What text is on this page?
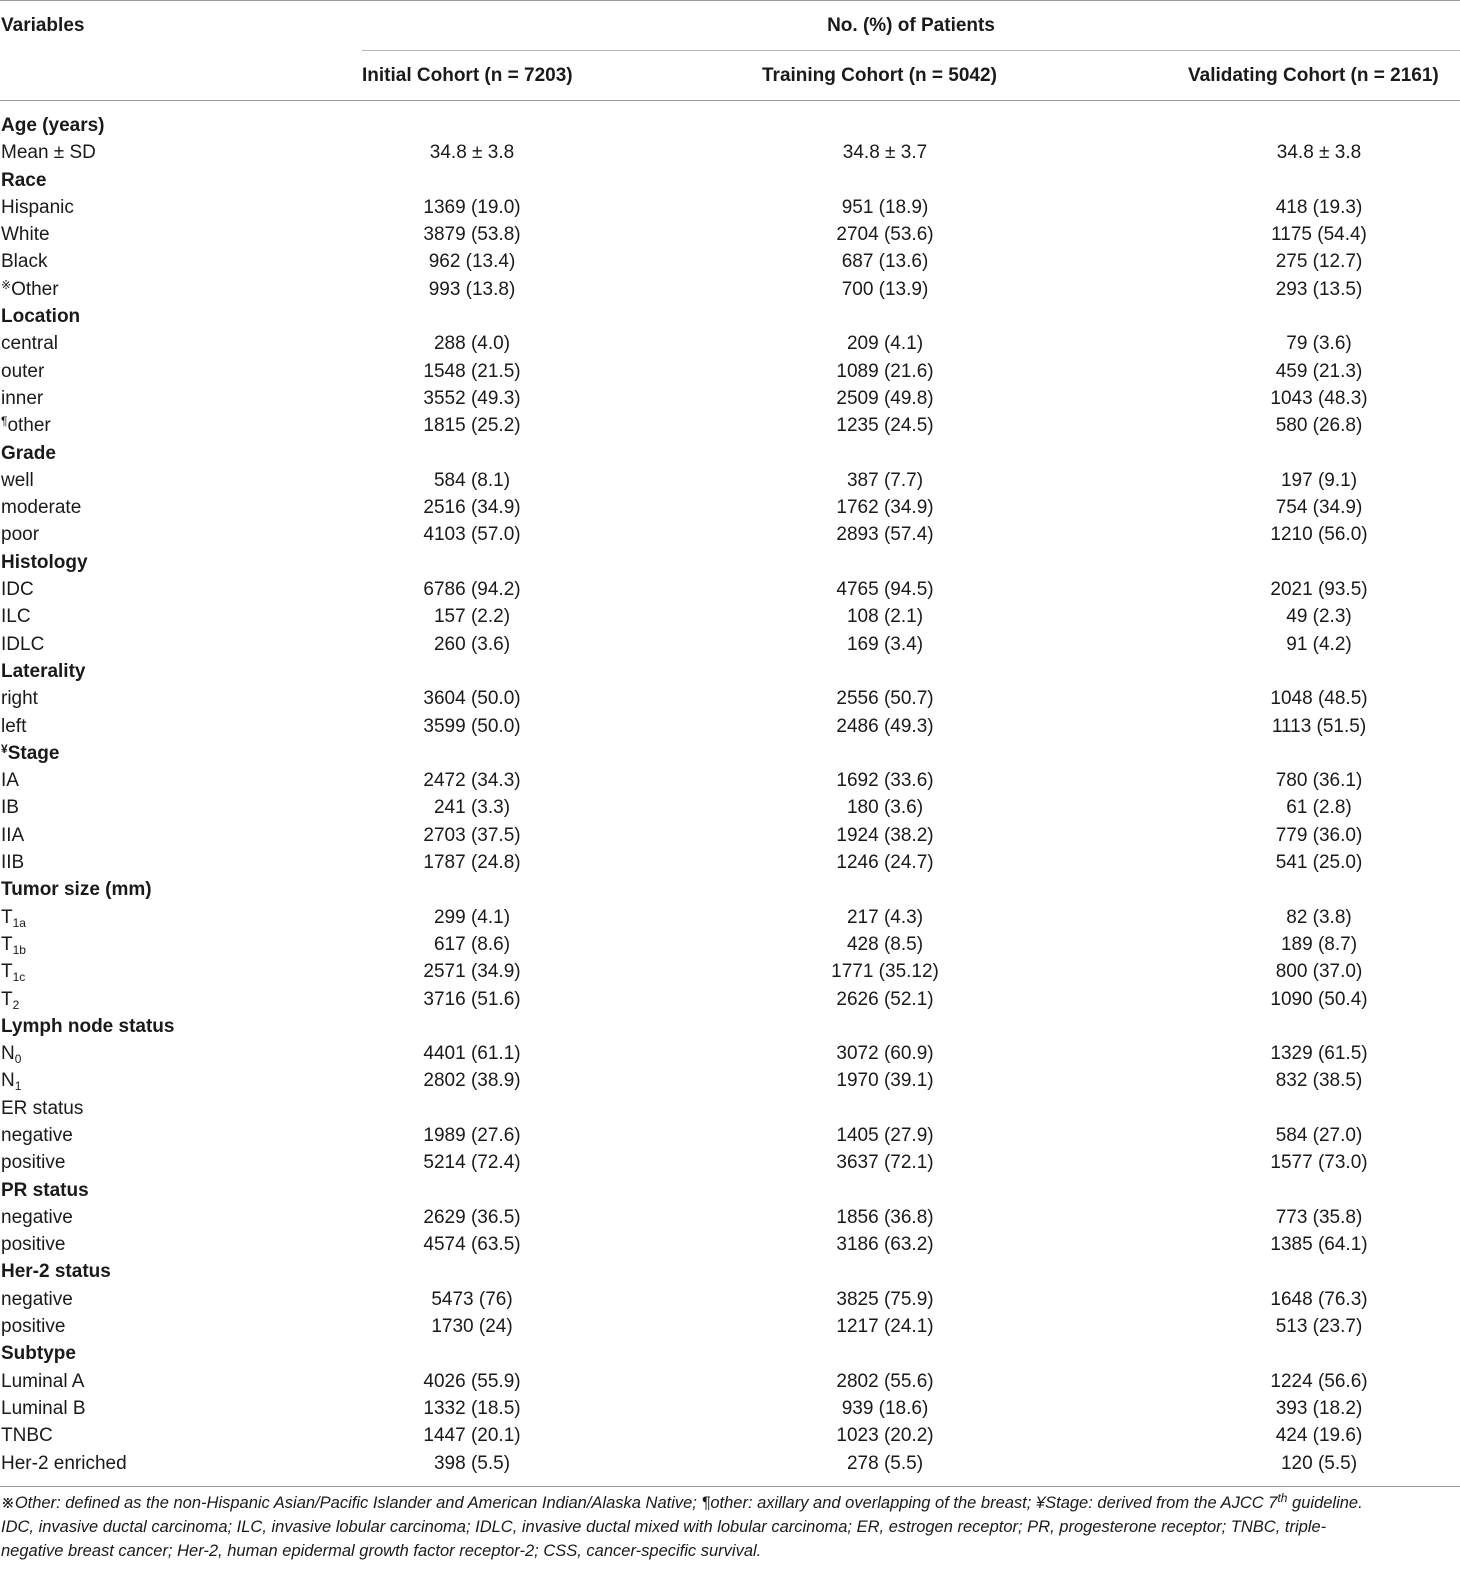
Variables	No. (%) of Patients
Initial Cohort (n = 7203)	Training Cohort (n = 5042)	Validating Cohort (n = 2161)
Age (years)
Mean ± SD	34.8 ± 3.8	34.8 ± 3.7	34.8 ± 3.8
Race
Hispanic	1369 (19.0)	951 (18.9)	418 (19.3)
White	3879 (53.8)	2704 (53.6)	1175 (54.4)
Black	962 (13.4)	687 (13.6)	275 (12.7)
※Other	993 (13.8)	700 (13.9)	293 (13.5)
Location
central	288 (4.0)	209 (4.1)	79 (3.6)
outer	1548 (21.5)	1089 (21.6)	459 (21.3)
inner	3552 (49.3)	2509 (49.8)	1043 (48.3)
¶other	1815 (25.2)	1235 (24.5)	580 (26.8)
Grade
well	584 (8.1)	387 (7.7)	197 (9.1)
moderate	2516 (34.9)	1762 (34.9)	754 (34.9)
poor	4103 (57.0)	2893 (57.4)	1210 (56.0)
Histology
IDC	6786 (94.2)	4765 (94.5)	2021 (93.5)
ILC	157 (2.2)	108 (2.1)	49 (2.3)
IDLC	260 (3.6)	169 (3.4)	91 (4.2)
Laterality
right	3604 (50.0)	2556 (50.7)	1048 (48.5)
left	3599 (50.0)	2486 (49.3)	1113 (51.5)
¥Stage
IA	2472 (34.3)	1692 (33.6)	780 (36.1)
IB	241 (3.3)	180 (3.6)	61 (2.8)
IIA	2703 (37.5)	1924 (38.2)	779 (36.0)
IIB	1787 (24.8)	1246 (24.7)	541 (25.0)
Tumor size (mm)
$T_{1a}$	299 (4.1)	217 (4.3)	82 (3.8)
$T_{1b}$	617 (8.6)	428 (8.5)	189 (8.7)
$T_{1c}$	2571 (34.9)	1771 (35.12)	800 (37.0)
$T_2$	3716 (51.6)	2626 (52.1)	1090 (50.4)
Lymph node status
$N_0$	4401 (61.1)	3072 (60.9)	1329 (61.5)
$N_1$	2802 (38.9)	1970 (39.1)	832 (38.5)
ER status
negative	1989 (27.6)	1405 (27.9)	584 (27.0)
positive	5214 (72.4)	3637 (72.1)	1577 (73.0)
PR status
negative	2629 (36.5)	1856 (36.8)	773 (35.8)
positive	4574 (63.5)	3186 (63.2)	1385 (64.1)
Her-2 status
negative	5473 (76)	3825 (75.9)	1648 (76.3)
positive	1730 (24)	1217 (24.1)	513 (23.7)
Subtype
Luminal A	4026 (55.9)	2802 (55.6)	1224 (56.6)
Luminal B	1332 (18.5)	939 (18.6)	393 (18.2)
TNBC	1447 (20.1)	1023 (20.2)	424 (19.6)
Her-2 enriched	398 (5.5)	278 (5.5)	120 (5.5)

※Other: defined as the non-Hispanic Asian/Pacific Islander and American Indian/Alaska Native; ¶other: axillary and overlapping of the breast; ¥Stage: derived from the AJCC 7th guideline.

IDC, invasive ductal carcinoma; ILC, invasive lobular carcinoma; IDLC, invasive ductal mixed with lobular carcinoma; ER, estrogen receptor; PR, progesterone receptor; TNBC, triple-

negative breast cancer; Her-2, human epidermal growth factor receptor-2; CSS, cancer-specific survival.
